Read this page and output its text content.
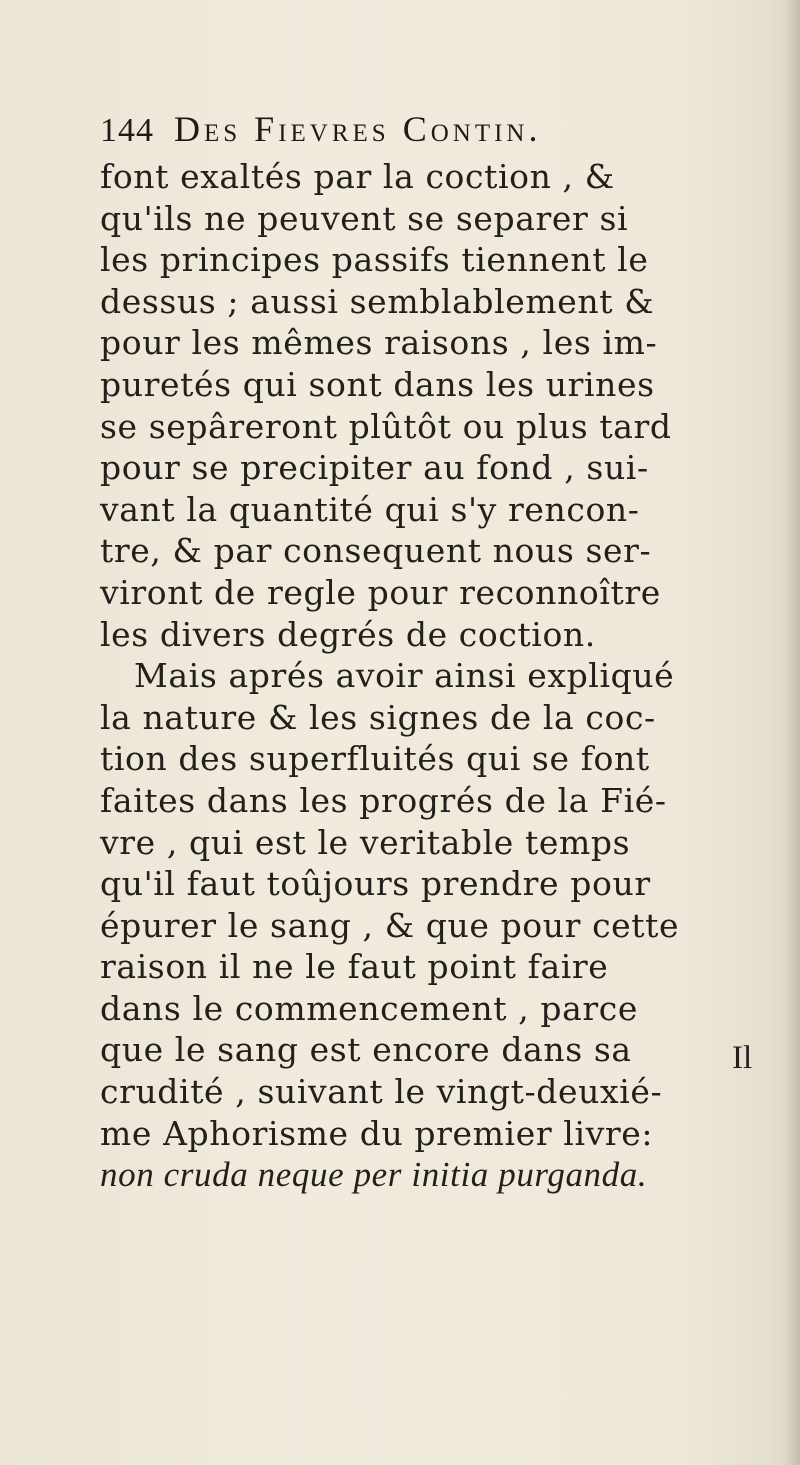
144 Des Fievres Contin.
font exaltés par la coction , &
qu'ils ne peuvent se separer si
les principes passifs tiennent le
dessus ; aussi semblablement &
pour les mêmes raisons , les im-
puretés qui sont dans les urines
se sepâreront plûtôt ou plus tard
pour se precipiter au fond , sui-
vant la quantité qui s'y rencon-
tre, & par consequent nous ser-
viront de regle pour reconnoître
les divers degrés de coction.
Mais aprés avoir ainsi expliqué
la nature & les signes de la coc-
tion des superfluités qui se font
faites dans les progrés de la Fié-
vre , qui est le veritable temps
qu'il faut toûjours prendre pour
épurer le sang , & que pour cette
raison il ne le faut point faire
dans le commencement , parce
que le sang est encore dans sa
crudité , suivant le vingt-deuxié-
me Aphorisme du premier livre:
non cruda neque per initia purganda.
Il
